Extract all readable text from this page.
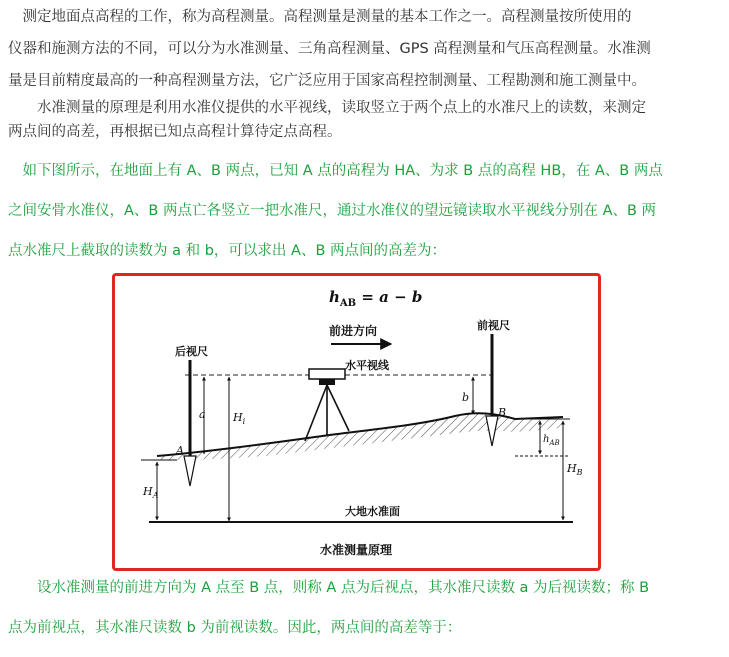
　测定地面点高程的工作，称为高程测量。高程测量是测量的基本工作之一。高程测量按所使用的
仪器和施测方法的不同，可以分为水准测量、三角高程测量、GPS 高程测量和气压高程测量。水准测
量是目前精度最高的一种高程测量方法，它广泛应用于国家高程控制测量、工程勘测和施工测量中。
　　水准测量的原理是利用水准仪提供的水平视线，读取竖立于两个点上的水准尺上的读数，来测定
两点间的高差，再根据已知点高程计算待定点高程。
　如下图所示，在地面上有 A、B 两点，已知 A 点的高程为 HA、为求 B 点的高程 HB，在 A、B 两点
之间安骨水准仪，A、B 两点亡各竖立一把水准尺，通过水准仪的望远镜读取水平视线分别在 A、B 两
点水准尺上截取的读数为 a 和 b，可以求出 A、B 两点间的高差为：
$h_{AB} = a - b$
前进方向
水平视线
后视尺
A
前视尺
B
a $H_i$
$H_A$
b
$h_{AB}$
$H_B$
大地水准面
水准测量原理
　　设水准测量的前进方向为 A 点至 B 点，则称 A 点为后视点，其水准尺读数 a 为后视读数；称 B
点为前视点，其水准尺读数 b 为前视读数。因此，两点间的高差等于：
